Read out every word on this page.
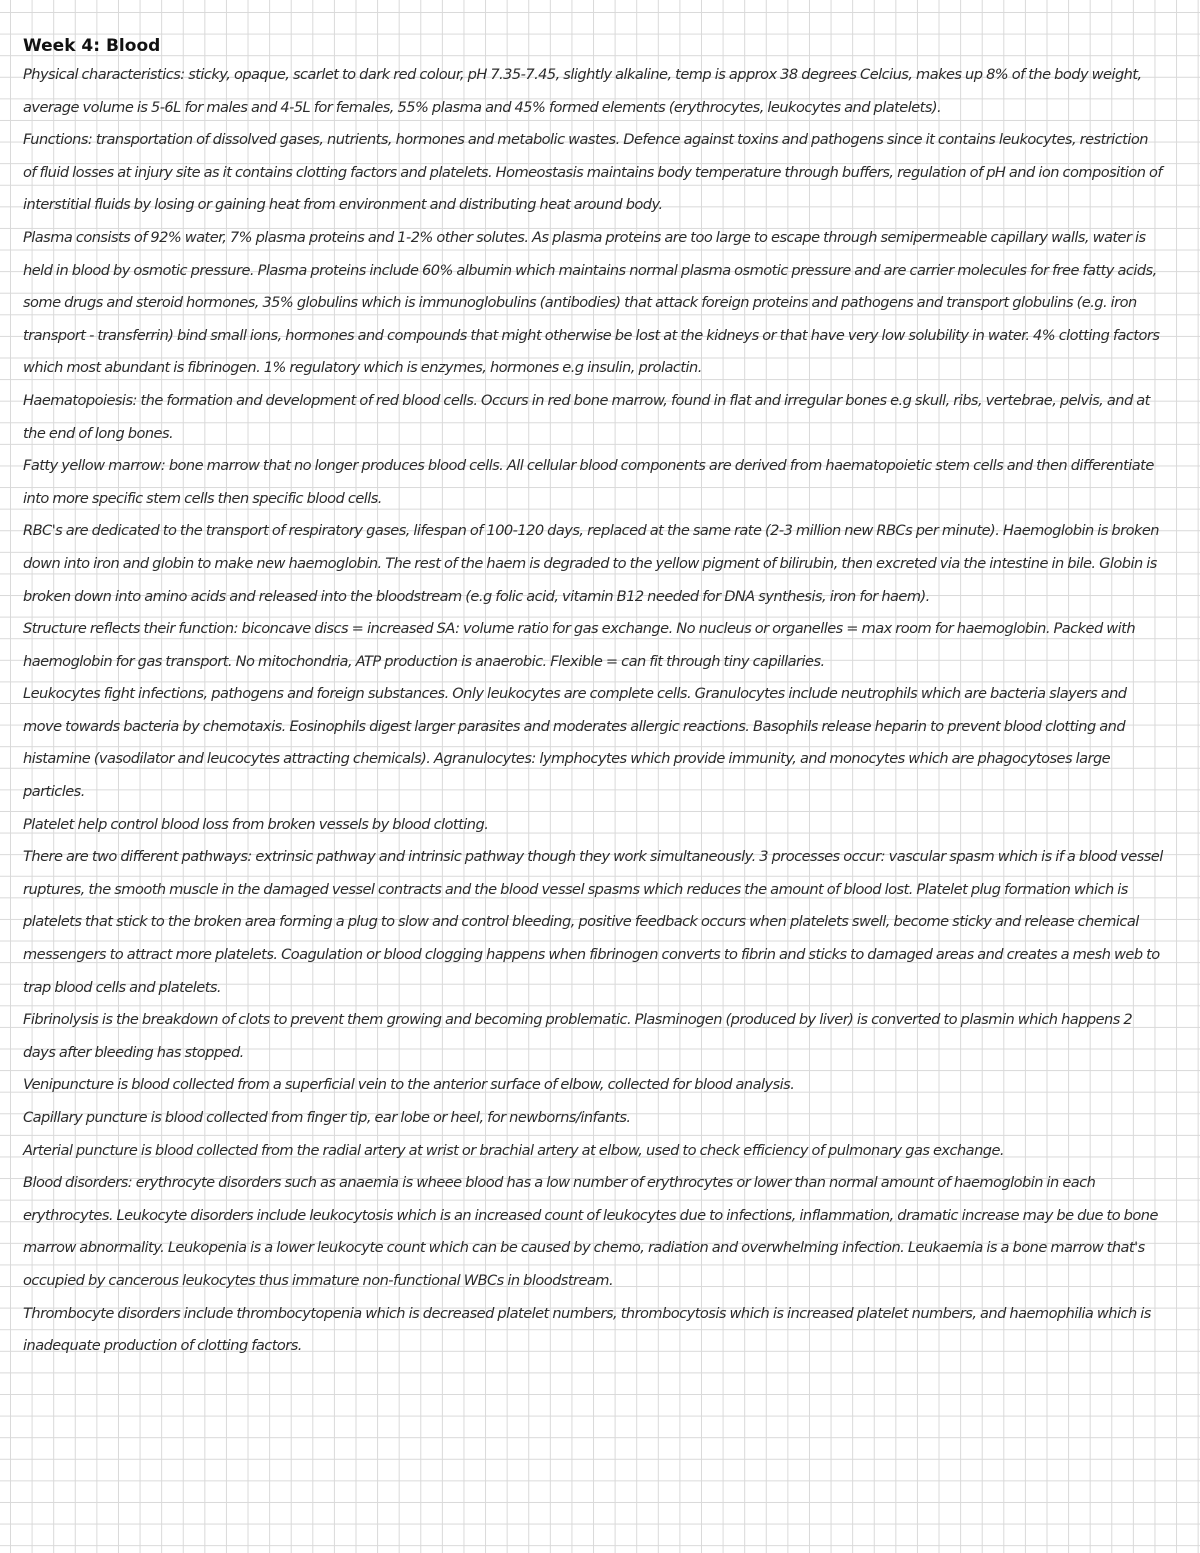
Week 4: Blood

Physical characteristics: sticky, opaque, scarlet to dark red colour, pH 7.35-7.45, slightly alkaline, temp is approx 38 degrees Celcius, makes up 8% of the body weight, average volume is 5-6L for males and 4-5L for females, 55% plasma and 45% formed elements (erythrocytes, leukocytes and platelets).

Functions: transportation of dissolved gases, nutrients, hormones and metabolic wastes. Defence against toxins and pathogens since it contains leukocytes, restriction of fluid losses at injury site as it contains clotting factors and platelets. Homeostasis maintains body temperature through buffers, regulation of pH and ion composition of interstitial fluids by losing or gaining heat from environment and distributing heat around body.

Plasma consists of 92% water, 7% plasma proteins and 1-2% other solutes. As plasma proteins are too large to escape through semipermeable capillary walls, water is held in blood by osmotic pressure. Plasma proteins include 60% albumin which maintains normal plasma osmotic pressure and are carrier molecules for free fatty acids, some drugs and steroid hormones, 35% globulins which is immunoglobulins (antibodies) that attack foreign proteins and pathogens and transport globulins (e.g. iron transport - transferrin) bind small ions, hormones and compounds that might otherwise be lost at the kidneys or that have very low solubility in water. 4% clotting factors which most abundant is fibrinogen. 1% regulatory which is enzymes, hormones e.g insulin, prolactin.

Haematopoiesis: the formation and development of red blood cells. Occurs in red bone marrow, found in flat and irregular bones e.g skull, ribs, vertebrae, pelvis, and at the end of long bones.

Fatty yellow marrow: bone marrow that no longer produces blood cells. All cellular blood components are derived from haematopoietic stem cells and then differentiate into more specific stem cells then specific blood cells.

RBC's are dedicated to the transport of respiratory gases, lifespan of 100-120 days, replaced at the same rate (2-3 million new RBCs per minute). Haemoglobin is broken down into iron and globin to make new haemoglobin. The rest of the haem is degraded to the yellow pigment of bilirubin, then excreted via the intestine in bile. Globin is broken down into amino acids and released into the bloodstream (e.g folic acid, vitamin B12 needed for DNA synthesis, iron for haem).

Structure reflects their function: biconcave discs = increased SA: volume ratio for gas exchange. No nucleus or organelles = max room for haemoglobin. Packed with haemoglobin for gas transport. No mitochondria, ATP production is anaerobic. Flexible = can fit through tiny capillaries.

Leukocytes fight infections, pathogens and foreign substances. Only leukocytes are complete cells. Granulocytes include neutrophils which are bacteria slayers and move towards bacteria by chemotaxis. Eosinophils digest larger parasites and moderates allergic reactions. Basophils release heparin to prevent blood clotting and histamine (vasodilator and leucocytes attracting chemicals). Agranulocytes: lymphocytes which provide immunity, and monocytes which are phagocytoses large particles.

Platelet help control blood loss from broken vessels by blood clotting.

There are two different pathways: extrinsic pathway and intrinsic pathway though they work simultaneously. 3 processes occur: vascular spasm which is if a blood vessel ruptures, the smooth muscle in the damaged vessel contracts and the blood vessel spasms which reduces the amount of blood lost. Platelet plug formation which is platelets that stick to the broken area forming a plug to slow and control bleeding, positive feedback occurs when platelets swell, become sticky and release chemical messengers to attract more platelets. Coagulation or blood clogging happens when fibrinogen converts to fibrin and sticks to damaged areas and creates a mesh web to trap blood cells and platelets.

Fibrinolysis is the breakdown of clots to prevent them growing and becoming problematic. Plasminogen (produced by liver) is converted to plasmin which happens 2 days after bleeding has stopped.

Venipuncture is blood collected from a superficial vein to the anterior surface of elbow, collected for blood analysis.

Capillary puncture is blood collected from finger tip, ear lobe or heel, for newborns/infants.

Arterial puncture is blood collected from the radial artery at wrist or brachial artery at elbow, used to check efficiency of pulmonary gas exchange.

Blood disorders: erythrocyte disorders such as anaemia is wheee blood has a low number of erythrocytes or lower than normal amount of haemoglobin in each erythrocytes. Leukocyte disorders include leukocytosis which is an increased count of leukocytes due to infections, inflammation, dramatic increase may be due to bone marrow abnormality. Leukopenia is a lower leukocyte count which can be caused by chemo, radiation and overwhelming infection. Leukaemia is a bone marrow that's occupied by cancerous leukocytes thus immature non-functional WBCs in bloodstream.

Thrombocyte disorders include thrombocytopenia which is decreased platelet numbers, thrombocytosis which is increased platelet numbers, and haemophilia which is inadequate production of clotting factors.
